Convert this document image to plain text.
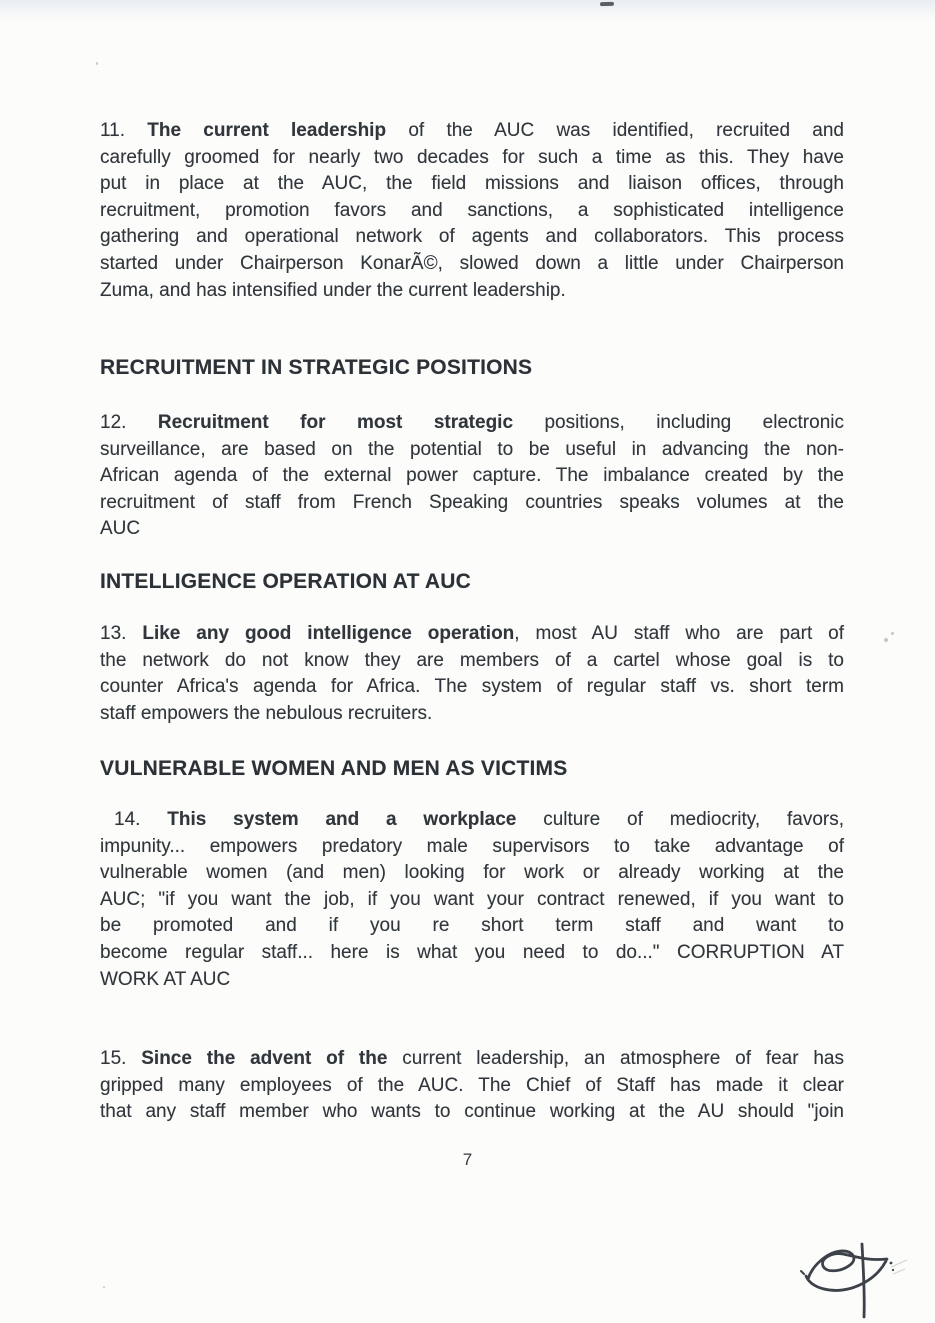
11. The current leadership of the AUC was identified, recruited and
carefully groomed for nearly two decades for such a time as this. They have
put in place at the AUC, the field missions and liaison offices, through
recruitment, promotion favors and sanctions, a sophisticated intelligence
gathering and operational network of agents and collaborators. This process
started under Chairperson KonarÃ©, slowed down a little under Chairperson
Zuma, and has intensified under the current leadership.
RECRUITMENT IN STRATEGIC POSITIONS
12. Recruitment for most strategic positions, including electronic
surveillance, are based on the potential to be useful in advancing the non-
African agenda of the external power capture. The imbalance created by the
recruitment of staff from French Speaking countries speaks volumes at the
AUC
INTELLIGENCE OPERATION AT AUC
13. Like any good intelligence operation, most AU staff who are part of
the network do not know they are members of a cartel whose goal is to
counter Africa's agenda for Africa. The system of regular staff vs. short term
staff empowers the nebulous recruiters.
VULNERABLE WOMEN AND MEN AS VICTIMS
14. This system and a workplace culture of mediocrity, favors,
impunity... empowers predatory male supervisors to take advantage of
vulnerable women (and men) looking for work or already working at the
AUC; "if you want the job, if you want your contract renewed, if you want to
be promoted and if you re short term staff and want to
become regular staff... here is what you need to do..." CORRUPTION AT
WORK AT AUC
15. Since the advent of the current leadership, an atmosphere of fear has
gripped many employees of the AUC. The Chief of Staff has made it clear
that any staff member who wants to continue working at the AU should "join
7
